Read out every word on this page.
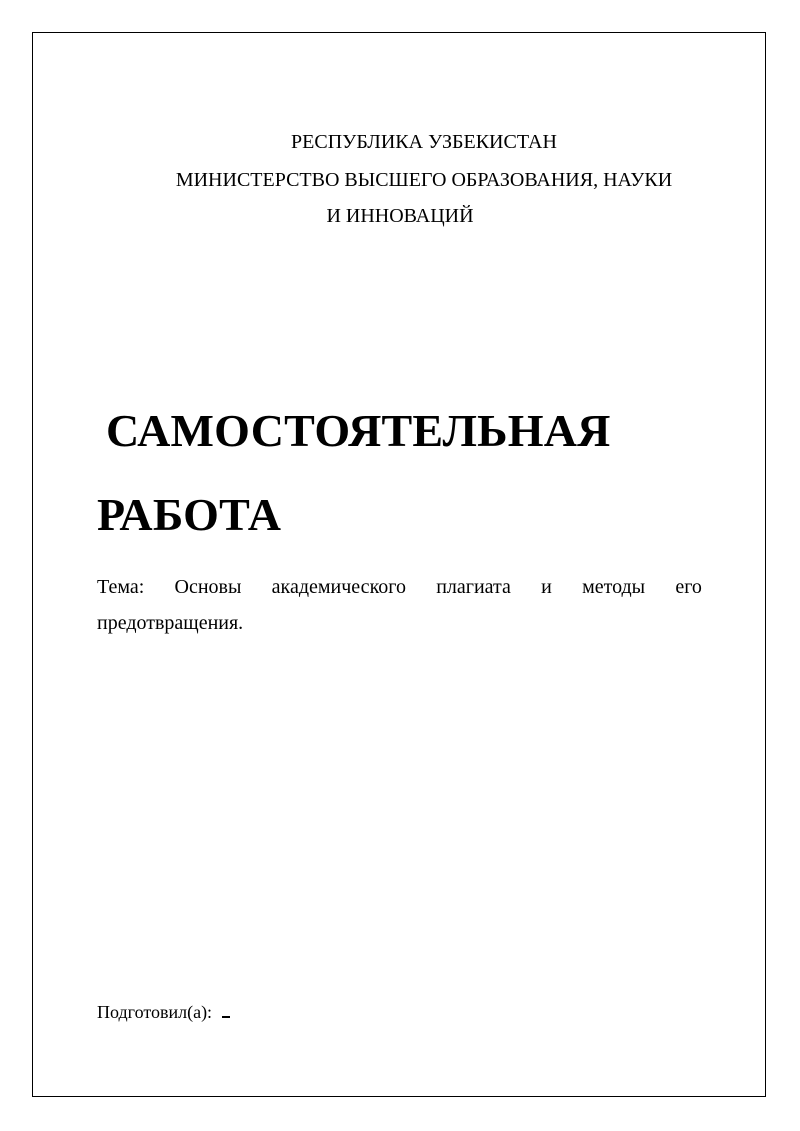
РЕСПУБЛИКА УЗБЕКИСТАН
МИНИСТЕРСТВО ВЫСШЕГО ОБРАЗОВАНИЯ, НАУКИ
И ИННОВАЦИЙ
САМОСТОЯТЕЛЬНАЯ
РАБОТА
Тема: Основы академического плагиата и методы его
предотвращения.
Подготовил(а):
